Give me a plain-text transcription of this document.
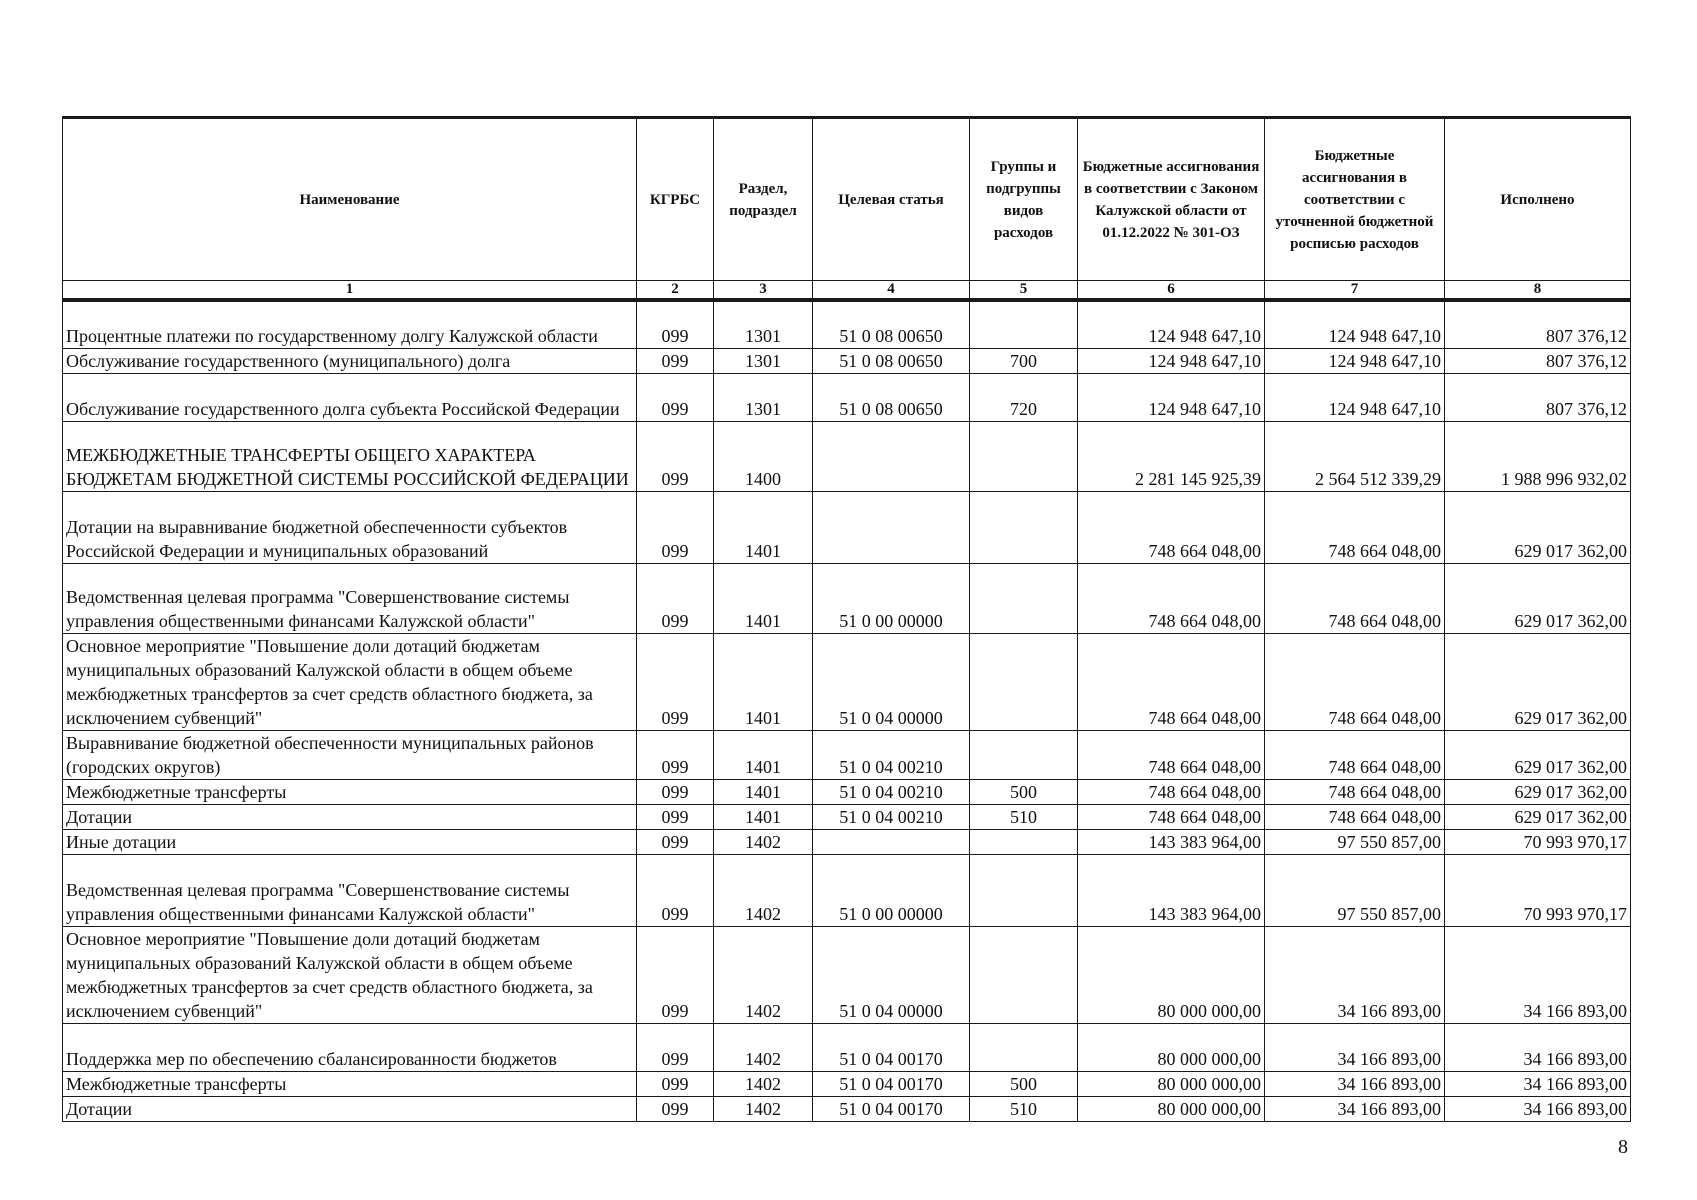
Наименование	КГРБС	Раздел, подраздел	Целевая статья	Группы и подгруппы видов расходов	Бюджетные ассигнования в соответствии с Законом Калужской области от 01.12.2022 № 301-ОЗ	Бюджетные ассигнования в соответствии с уточненной бюджетной росписью расходов	Исполнено
1	2	3	4	5	6	7	8
Процентные платежи по государственному долгу Калужской области	099	1301	51 0 08 00650		124 948 647,10	124 948 647,10	807 376,12
Обслуживание государственного (муниципального) долга	099	1301	51 0 08 00650	700	124 948 647,10	124 948 647,10	807 376,12
Обслуживание государственного долга субъекта Российской Федерации	099	1301	51 0 08 00650	720	124 948 647,10	124 948 647,10	807 376,12
МЕЖБЮДЖЕТНЫЕ ТРАНСФЕРТЫ ОБЩЕГО ХАРАКТЕРА БЮДЖЕТАМ БЮДЖЕТНОЙ СИСТЕМЫ РОССИЙСКОЙ ФЕДЕРАЦИИ	099	1400			2 281 145 925,39	2 564 512 339,29	1 988 996 932,02
Дотации на выравнивание бюджетной обеспеченности субъектов Российской Федерации и муниципальных образований	099	1401			748 664 048,00	748 664 048,00	629 017 362,00
Ведомственная целевая программа "Совершенствование системы управления общественными финансами Калужской области"	099	1401	51 0 00 00000		748 664 048,00	748 664 048,00	629 017 362,00
Основное мероприятие "Повышение доли дотаций бюджетам муниципальных образований Калужской области в общем объеме межбюджетных трансфертов за счет средств областного бюджета, за исключением субвенций"	099	1401	51 0 04 00000		748 664 048,00	748 664 048,00	629 017 362,00
Выравнивание бюджетной обеспеченности муниципальных районов (городских округов)	099	1401	51 0 04 00210		748 664 048,00	748 664 048,00	629 017 362,00
Межбюджетные трансферты	099	1401	51 0 04 00210	500	748 664 048,00	748 664 048,00	629 017 362,00
Дотации	099	1401	51 0 04 00210	510	748 664 048,00	748 664 048,00	629 017 362,00
Иные дотации	099	1402			143 383 964,00	97 550 857,00	70 993 970,17
Ведомственная целевая программа "Совершенствование системы управления общественными финансами Калужской области"	099	1402	51 0 00 00000		143 383 964,00	97 550 857,00	70 993 970,17
Основное мероприятие "Повышение доли дотаций бюджетам муниципальных образований Калужской области в общем объеме межбюджетных трансфертов за счет средств областного бюджета, за исключением субвенций"	099	1402	51 0 04 00000		80 000 000,00	34 166 893,00	34 166 893,00
Поддержка мер по обеспечению сбалансированности бюджетов	099	1402	51 0 04 00170		80 000 000,00	34 166 893,00	34 166 893,00
Межбюджетные трансферты	099	1402	51 0 04 00170	500	80 000 000,00	34 166 893,00	34 166 893,00
Дотации	099	1402	51 0 04 00170	510	80 000 000,00	34 166 893,00	34 166 893,00
8
